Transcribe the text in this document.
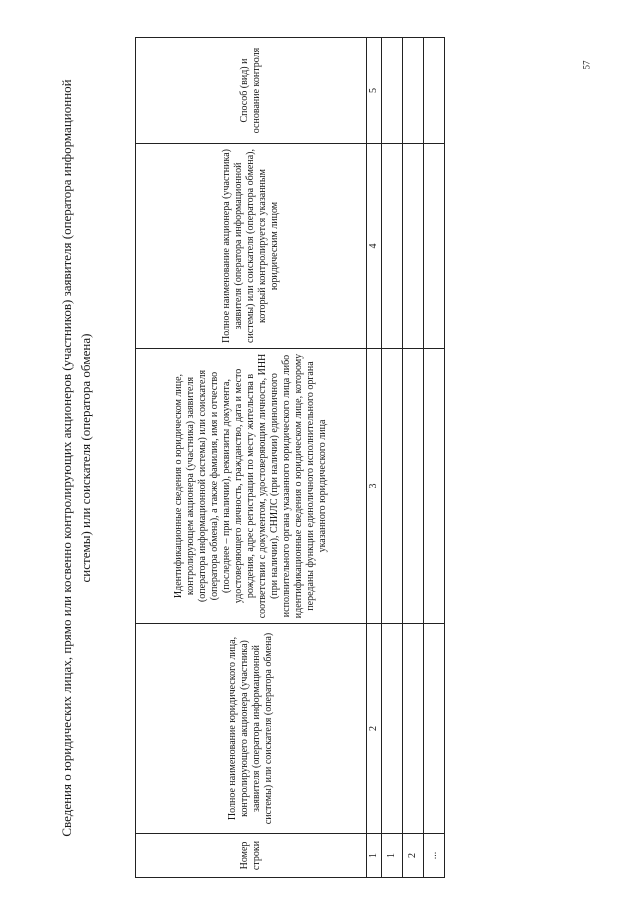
57
Сведения о юридических лицах, прямо или косвенно контролирующих акционеров (участников) заявителя (оператора информационной системы) или соискателя (оператора обмена)
Номер строки	Полное наименование юридического лица, контролирующего акционера (участника) заявителя (оператора информационной системы) или соискателя (оператора обмена)	Идентификационные сведения о юридическом лице, контролирующем акционера (участника) заявителя (оператора информационной системы) или соискателя (оператора обмена), а также фамилия, имя и отчество (последнее – при наличии), реквизиты документа, удостоверяющего личность, гражданство, дата и место рождения, адрес регистрации по месту жительства в соответствии с документом, удостоверяющим личность, ИНН (при наличии), СНИЛС (при наличии) единоличного исполнительного органа указанного юридического лица либо идентификационные сведения о юридическом лице, которому переданы функции единоличного исполнительного органа указанного юридического лица	Полное наименование акционера (участника) заявителя (оператора информационной системы) или соискателя (оператора обмена), который контролируется указанным юридическим лицом	Способ (вид) и основание контроля
1	2	3	4	5
1				
2				
...				
